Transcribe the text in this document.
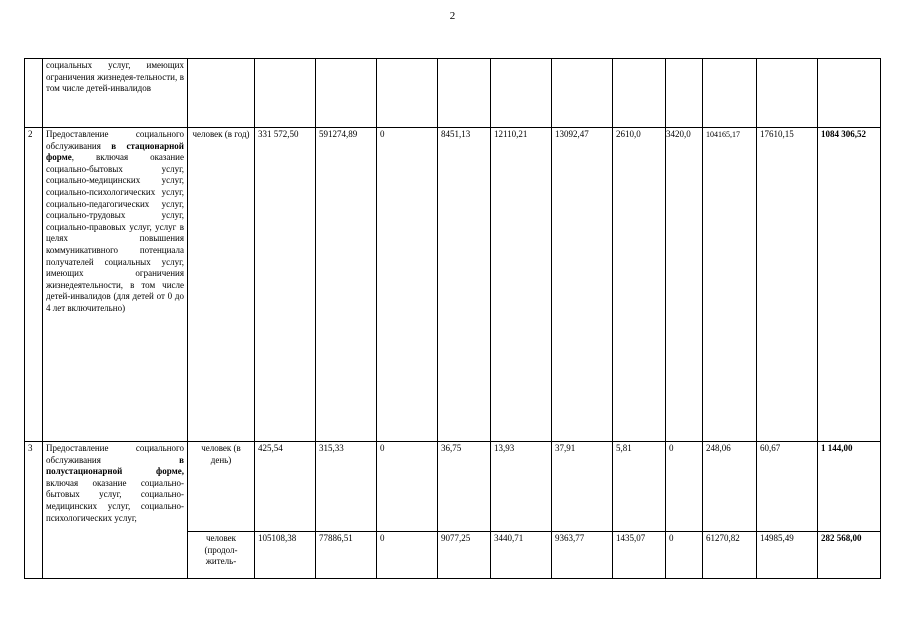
2
	социальных услуг, имеющих ограничения жизнедея-тельности, в том числе детей-инвалидов												
2	Предоставление социального обслуживания в стационарной форме, включая оказание социально-бытовых услуг, социально-медицинских услуг, социально-психологических услуг, социально-педагогических услуг, социально-трудовых услуг, социально-правовых услуг, услуг в целях повышения коммуникативного потенциала получателей социальных услуг, имеющих ограничения жизнедеятельности, в том числе детей-инвалидов (для детей от 0 до 4 лет включительно)	человек (в год)	331 572,50	591274,89	0	8451,13	12110,21	13092,47	2610,0	3420,0	104165,17	17610,15	1084 306,52
3	Предоставление социального обслуживания в полустационарной форме, включая оказание социально-бытовых услуг, социально-медицинских услуг, социально-психологических услуг,	человек (в день)	425,54	315,33	0	36,75	13,93	37,91	5,81	0	248,06	60,67	1 144,00
		человек (продол-житель-	105108,38	77886,51	0	9077,25	3440,71	9363,77	1435,07	0	61270,82	14985,49	282 568,00
